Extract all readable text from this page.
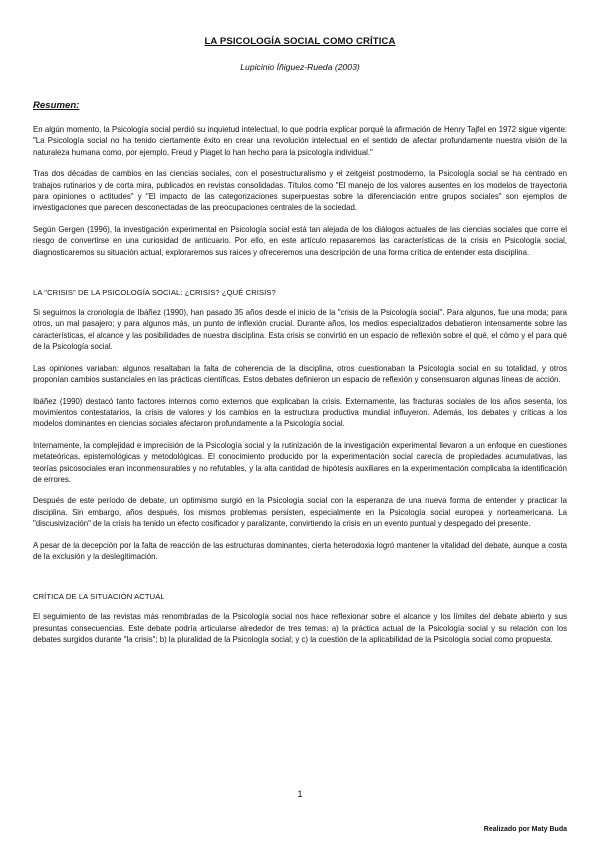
LA PSICOLOGÍA SOCIAL COMO CRÍTICA
Lupicinio Íñiguez-Rueda (2003)
Resumen:

En algún momento, la Psicología social perdió su inquietud intelectual, lo que podría explicar porqué la afirmación de Henry Tajfel en 1972 sigue vigente: "La Psicología social no ha tenido ciertamente éxito en crear una revolución intelectual en el sentido de afectar profundamente nuestra visión de la naturaleza humana como, por ejemplo, Freud y Piaget lo han hecho para la psicología individual."

Tras dos décadas de cambios en las ciencias sociales, con el posestructuralismo y el zeitgeist postmoderno, la Psicología social se ha centrado en trabajos rutinarios y de corta mira, publicados en revistas consolidadas. Títulos como "El manejo de los valores ausentes en los modelos de trayectoria para opiniones o actitudes" y "El impacto de las categorizaciones superpuestas sobre la diferenciación entre grupos sociales" son ejemplos de investigaciones que parecen desconectadas de las preocupaciones centrales de la sociedad.

Según Gergen (1996), la investigación experimental en Psicología social está tan alejada de los diálogos actuales de las ciencias sociales que corre el riesgo de convertirse en una curiosidad de anticuario. Por ello, en este artículo repasaremos las características de la crisis en Psicología social, diagnosticaremos su situación actual, exploraremos sus raíces y ofreceremos una descripción de una forma crítica de entender esta disciplina.

LA "CRISIS" DE LA PSICOLOGÍA SOCIAL: ¿CRISIS? ¿QUÉ CRISIS?

Si seguimos la cronología de Ibáñez (1990), han pasado 35 años desde el inicio de la "crisis de la Psicología social". Para algunos, fue una moda; para otros, un mal pasajero; y para algunos más, un punto de inflexión crucial. Durante años, los medios especializados debatieron intensamente sobre las características, el alcance y las posibilidades de nuestra disciplina. Esta crisis se convirtió en un espacio de reflexión sobre el qué, el cómo y el para qué de la Psicología social.

Las opiniones variaban: algunos resaltaban la falta de coherencia de la disciplina, otros cuestionaban la Psicología social en su totalidad, y otros proponían cambios sustanciales en las prácticas científicas. Estos debates definieron un espacio de reflexión y consensuaron algunas líneas de acción.

Ibáñez (1990) destacó tanto factores internos como externos que explicaban la crisis. Externamente, las fracturas sociales de los años sesenta, los movimientos contestatarios, la crisis de valores y los cambios en la estructura productiva mundial influyeron. Además, los debates y críticas a los modelos dominantes en ciencias sociales afectaron profundamente a la Psicología social.

Internamente, la complejidad e imprecisión de la Psicología social y la rutinización de la investigación experimental llevaron a un enfoque en cuestiones metateóricas, epistemológicas y metodológicas. El conocimiento producido por la experimentación social carecía de propiedades acumulativas, las teorías psicosociales eran inconmensurables y no refutables, y la alta cantidad de hipótesis auxiliares en la experimentación complicaba la identificación de errores.

Después de este período de debate, un optimismo surgió en la Psicología social con la esperanza de una nueva forma de entender y practicar la disciplina. Sin embargo, años después, los mismos problemas persisten, especialmente en la Psicología social europea y norteamericana. La "discusivización" de la crisis ha tenido un efecto cosificador y paralizante, convirtiendo la crisis en un evento puntual y despegado del presente.

A pesar de la decepción por la falta de reacción de las estructuras dominantes, cierta heterodoxia logró mantener la vitalidad del debate, aunque a costa de la exclusión y la deslegitimación.

CRÍTICA DE LA SITUACIÓN ACTUAL

El seguimiento de las revistas más renombradas de la Psicología social nos hace reflexionar sobre el alcance y los límites del debate abierto y sus presuntas consecuencias. Este debate podría articularse alrededor de tres temas: a) la práctica actual de la Psicología social y su relación con los debates surgidos durante "la crisis"; b) la pluralidad de la Psicología social; y c) la cuestión de la aplicabilidad de la Psicología social como propuesta.

1
Realizado por Maty Buda
